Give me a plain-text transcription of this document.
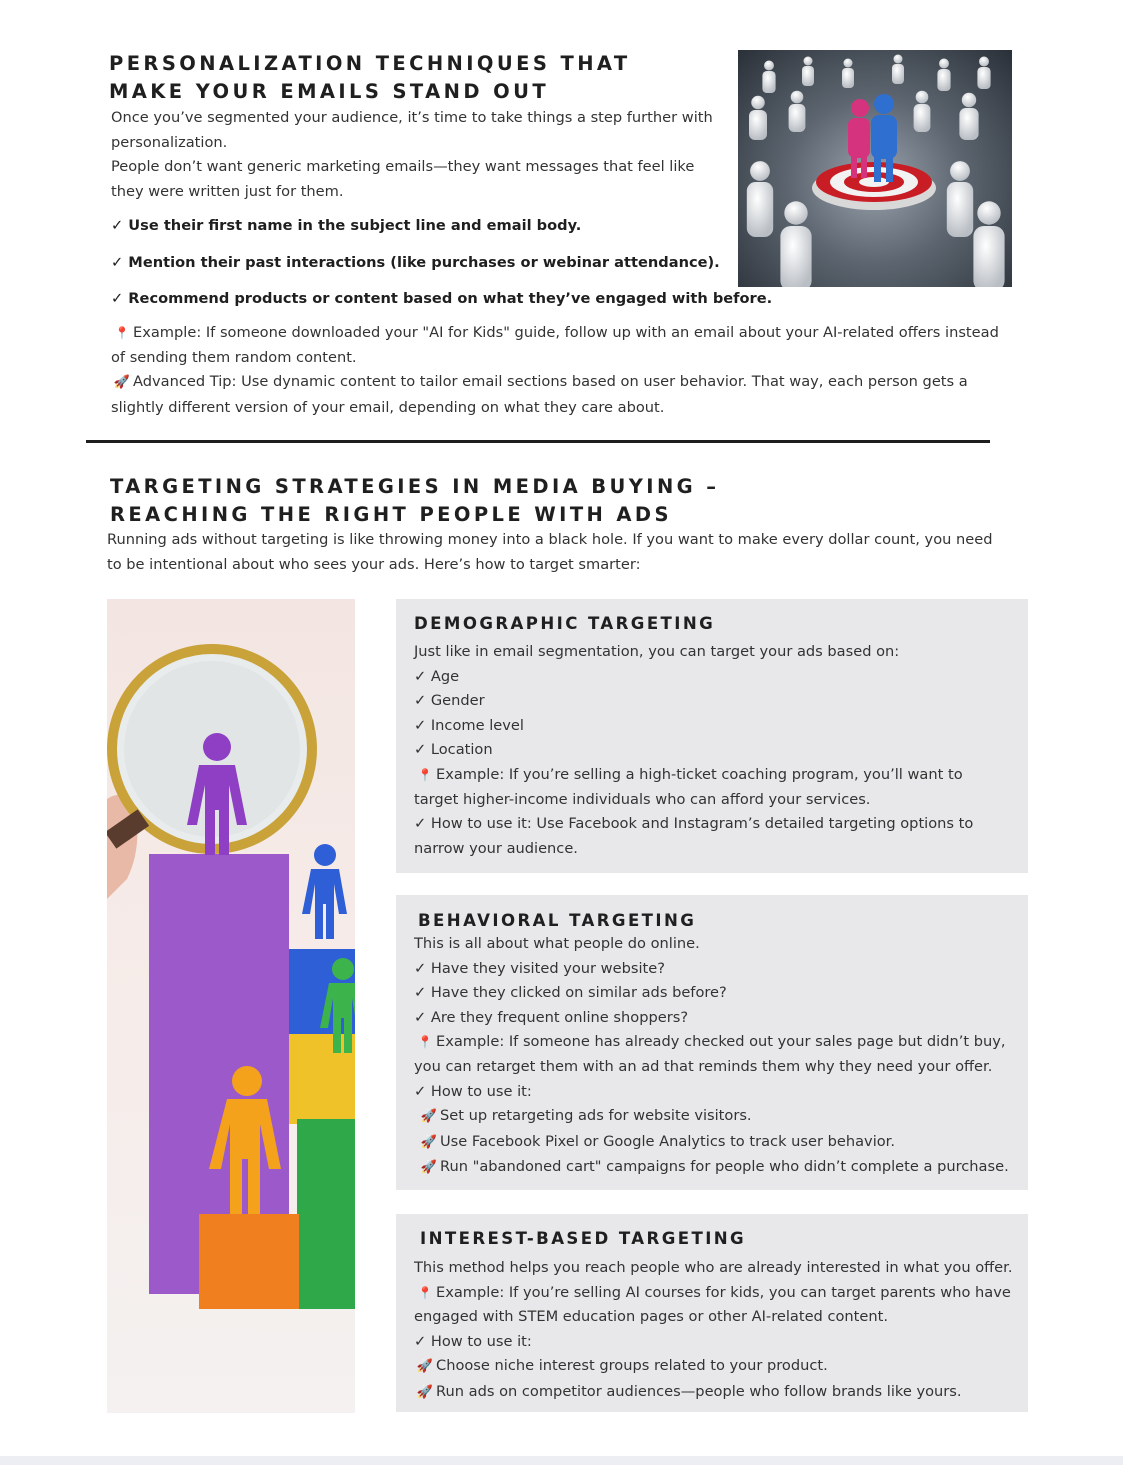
PERSONALIZATION TECHNIQUES THAT
MAKE YOUR EMAILS STAND OUT
Once you’ve segmented your audience, it’s time to take things a step further with
personalization.
People don’t want generic marketing emails—they want messages that feel like
they were written just for them.
✓ Use their first name in the subject line and email body.
✓ Mention their past interactions (like purchases or webinar attendance).
✓ Recommend products or content based on what they’ve engaged with before.
📍 Example: If someone downloaded your "AI for Kids" guide, follow up with an email about your AI-related offers instead
of sending them random content.
🚀 Advanced Tip: Use dynamic content to tailor email sections based on user behavior. That way, each person gets a
slightly different version of your email, depending on what they care about.
TARGETING STRATEGIES IN MEDIA BUYING –
REACHING THE RIGHT PEOPLE WITH ADS
Running ads without targeting is like throwing money into a black hole. If you want to make every dollar count, you need
to be intentional about who sees your ads. Here’s how to target smarter:
DEMOGRAPHIC TARGETING
Just like in email segmentation, you can target your ads based on:
✓ Age
✓ Gender
✓ Income level
✓ Location
📍 Example: If you’re selling a high-ticket coaching program, you’ll want to
target higher-income individuals who can afford your services.
✓ How to use it: Use Facebook and Instagram’s detailed targeting options to
narrow your audience.
BEHAVIORAL TARGETING
This is all about what people do online.
✓ Have they visited your website?
✓ Have they clicked on similar ads before?
✓ Are they frequent online shoppers?
📍 Example: If someone has already checked out your sales page but didn’t buy,
you can retarget them with an ad that reminds them why they need your offer.
✓ How to use it:
🚀 Set up retargeting ads for website visitors.
🚀 Use Facebook Pixel or Google Analytics to track user behavior.
🚀 Run "abandoned cart" campaigns for people who didn’t complete a purchase.
INTEREST-BASED TARGETING
This method helps you reach people who are already interested in what you offer.
📍 Example: If you’re selling AI courses for kids, you can target parents who have
engaged with STEM education pages or other AI-related content.
✓ How to use it:
🚀 Choose niche interest groups related to your product.
🚀 Run ads on competitor audiences—people who follow brands like yours.
